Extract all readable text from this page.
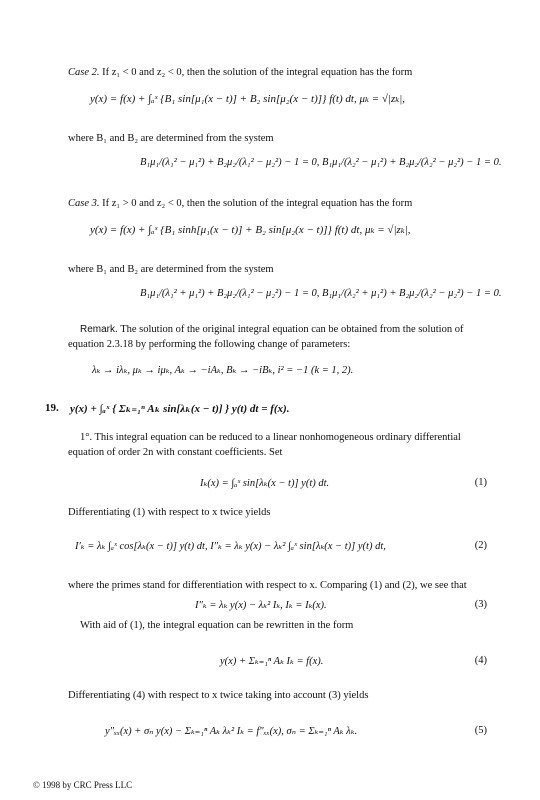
Case 2. If z₁ < 0 and z₂ < 0, then the solution of the integral equation has the form
y(x) = f(x) + ∫ₐˣ {B₁ sin[μ₁(x − t)] + B₂ sin[μ₂(x − t)]} f(t) dt, μₖ = √|zₖ|,
where B₁ and B₂ are determined from the system
B₁μ₁/(λ₁² − μ₁²) + B₂μ₂/(λ₁² − μ₂²) − 1 = 0, B₁μ₁/(λ₂² − μ₁²) + B₂μ₂/(λ₂² − μ₂²) − 1 = 0.
Case 3. If z₁ > 0 and z₂ < 0, then the solution of the integral equation has the form
y(x) = f(x) + ∫ₐˣ {B₁ sinh[μ₁(x − t)] + B₂ sin[μ₂(x − t)]} f(t) dt, μₖ = √|zₖ|,
where B₁ and B₂ are determined from the system
B₁μ₁/(λ₁² + μ₁²) + B₂μ₂/(λ₁² − μ₂²) − 1 = 0, B₁μ₁/(λ₂² + μ₁²) + B₂μ₂/(λ₂² − μ₂²) − 1 = 0.
Remark. The solution of the original integral equation can be obtained from the solution of equation 2.3.18 by performing the following change of parameters:
λₖ → iλₖ, μₖ → iμₖ, Aₖ → −iAₖ, Bₖ → −iBₖ, i² = −1 (k = 1, 2).
19. y(x) + ∫ₐˣ { Σₖ₌₁ⁿ Aₖ sin[λₖ(x − t)] } y(t) dt = f(x).
1°. This integral equation can be reduced to a linear nonhomogeneous ordinary differential equation of order 2n with constant coefficients. Set
Iₖ(x) = ∫ₐˣ sin[λₖ(x − t)] y(t) dt.	(1)
Differentiating (1) with respect to x twice yields
I′ₖ = λₖ ∫ₐˣ cos[λₖ(x − t)] y(t) dt, I″ₖ = λₖ y(x) − λₖ² ∫ₐˣ sin[λₖ(x − t)] y(t) dt,	(2)
where the primes stand for differentiation with respect to x. Comparing (1) and (2), we see that
I″ₖ = λₖ y(x) − λₖ² Iₖ, Iₖ = Iₖ(x).	(3)
With aid of (1), the integral equation can be rewritten in the form
y(x) + Σₖ₌₁ⁿ Aₖ Iₖ = f(x).	(4)
Differentiating (4) with respect to x twice taking into account (3) yields
y″ₓₓ(x) + σₙ y(x) − Σₖ₌₁ⁿ Aₖ λₖ² Iₖ = f″ₓₓ(x), σₙ = Σₖ₌₁ⁿ Aₖ λₖ.	(5)
© 1998 by CRC Press LLC
